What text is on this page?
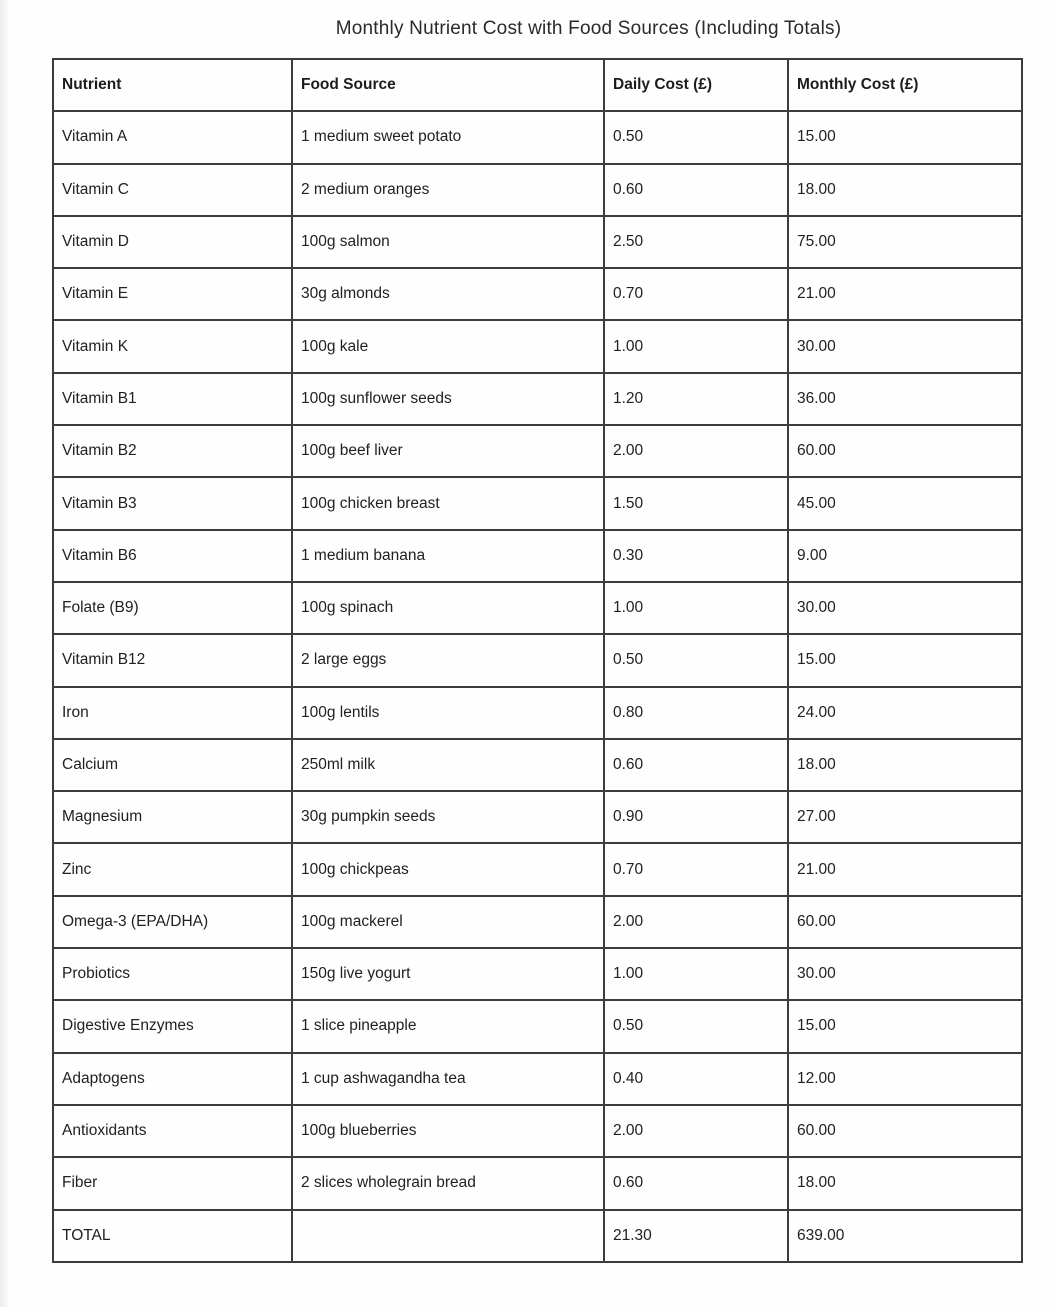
Monthly Nutrient Cost with Food Sources (Including Totals)
Nutrient	Food Source	Daily Cost (£)	Monthly Cost (£)
Vitamin A	1 medium sweet potato	0.50	15.00
Vitamin C	2 medium oranges	0.60	18.00
Vitamin D	100g salmon	2.50	75.00
Vitamin E	30g almonds	0.70	21.00
Vitamin K	100g kale	1.00	30.00
Vitamin B1	100g sunflower seeds	1.20	36.00
Vitamin B2	100g beef liver	2.00	60.00
Vitamin B3	100g chicken breast	1.50	45.00
Vitamin B6	1 medium banana	0.30	9.00
Folate (B9)	100g spinach	1.00	30.00
Vitamin B12	2 large eggs	0.50	15.00
Iron	100g lentils	0.80	24.00
Calcium	250ml milk	0.60	18.00
Magnesium	30g pumpkin seeds	0.90	27.00
Zinc	100g chickpeas	0.70	21.00
Omega-3 (EPA/DHA)	100g mackerel	2.00	60.00
Probiotics	150g live yogurt	1.00	30.00
Digestive Enzymes	1 slice pineapple	0.50	15.00
Adaptogens	1 cup ashwagandha tea	0.40	12.00
Antioxidants	100g blueberries	2.00	60.00
Fiber	2 slices wholegrain bread	0.60	18.00
TOTAL		21.30	639.00
